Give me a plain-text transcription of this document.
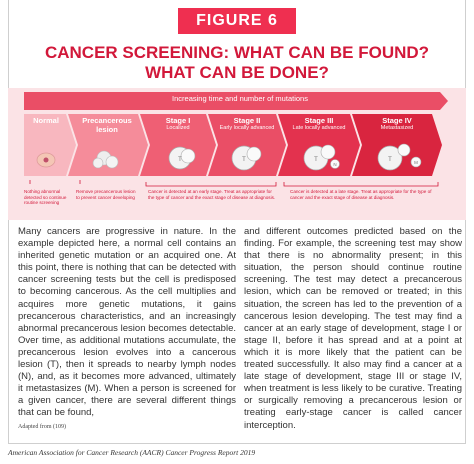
FIGURE 6
CANCER SCREENING: WHAT CAN BE FOUND?
WHAT CAN BE DONE?
T	T	T
N
T	M
Increasing time and number of mutations
Normal	Precancerous lesion
Stage I
Localized
Stage II
Early locally advanced
Stage III
Late locally advanced
Stage IV
Metastasized
Nothing abnormal detected so continue routine screening
Remove precancerous lesion to prevent cancer developing
Cancer is detected at an early stage. Treat as appropriate for the type of cancer and the exact stage of disease at diagnosis.
Cancer is detected at a late stage. Treat as appropriate for the type of cancer and the exact stage of disease at diagnosis.
Many cancers are progressive in nature. In the example depicted here, a normal cell contains an inherited genetic mutation or an acquired one. At this point, there is nothing that can be detected with cancer screening tests but the cell is predisposed to becoming cancerous. As the cell multiplies and acquires more genetic mutations, it gains precancerous characteristics, and an increasingly abnormal precancerous lesion becomes detectable. Over time, as additional mutations accumulate, the precancerous lesion evolves into a cancerous lesion (T), then it spreads to nearby lymph nodes (N), and, as it becomes more advanced, ultimately it metastasizes (M). When a person is screened for a given cancer, there are several different things that can be found,
and different outcomes predicted based on the finding. For example, the screening test may show that there is no abnormality present; in this situation, the person should continue routine screening. The test may detect a precancerous lesion, which can be removed or treated; in this situation, the screen has led to the prevention of a cancerous lesion developing. The test may find a cancer at an early stage of development, stage I or stage II, before it has spread and at a point at which it is more likely that the patient can be treated successfully. It also may find a cancer at a late stage of development, stage III or stage IV, when treatment is less likely to be curative. Treating or surgically removing a precancerous lesion or treating early-stage cancer is called cancer interception.
Adapted from (109)
American Association for Cancer Research (AACR) Cancer Progress Report 2019
